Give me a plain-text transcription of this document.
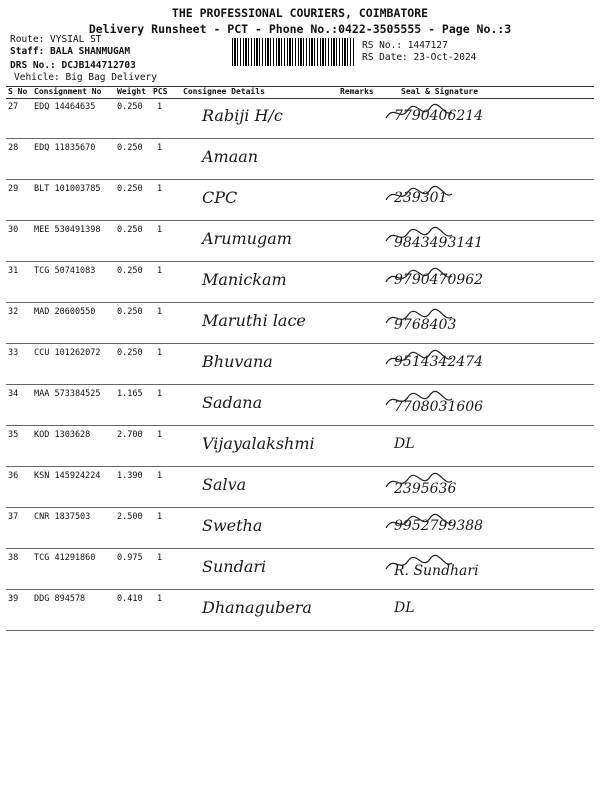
THE PROFESSIONAL COURIERS, COIMBATORE
Delivery Runsheet - PCT - Phone No.:0422-3505555 - Page No.:3
Route: VYSIAL ST
Staff: BALA SHANMUGAM
DRS No.: DCJB144712703
Vehicle: Big Bag Delivery
RS No.: 1447127
RS Date: 23-Oct-2024
S No Consignment No Weight PCS Consignee Details	Remarks	Seal & Signature
27 EDQ 14464635	0.250 1 Rabiji H/c	7790406214
28 EDQ 11835670	0.250 1 Amaan
29 BLT 101003785 0.250 1 CPC	239301
30 MEE 530491398 0.250 1 Arumugam	9843493141
31 TCG 50741083	0.250 1 Manickam	9790470962
32 MAD 20600550	0.250 1 Maruthi lace	9768403
33 CCU 101262072 0.250 1 Bhuvana	9514342474
34 MAA 573384525 1.165 1 Sadana	7708031606
35 KOD 1303628	2.700 1 Vijayalakshmi	DL
36 KSN 145924224 1.390 1 Salva	2395636
37 CNR 1837503	2.500 1 Swetha	9952799388
38 TCG 41291860	0.975 1 Sundari	R. Sundhari
39 DDG 894578	0.410 1 Dhanagubera	DL
